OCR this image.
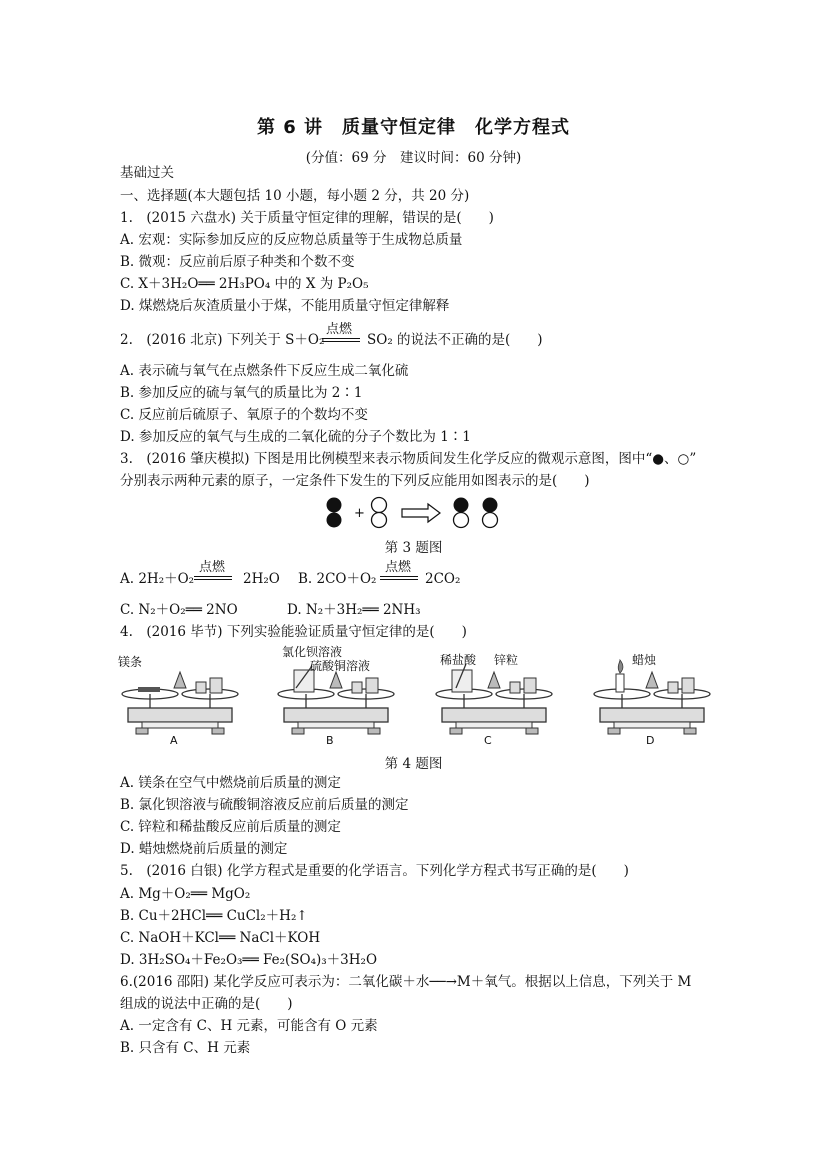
第 6 讲　质量守恒定律　化学方程式
(分值：69 分　建议时间：60 分钟)
基础过关
一、选择题(本大题包括 10 小题，每小题 2 分，共 20 分)
1.　(2015 六盘水) 关于质量守恒定律的理解，错误的是(　　)
A. 宏观：实际参加反应的反应物总质量等于生成物总质量
B. 微观：反应前后原子种类和个数不变
C. X＋3H₂O══ 2H₃PO₄ 中的 X 为 P₂O₅
D. 煤燃烧后灰渣质量小于煤，不能用质量守恒定律解释
2.　(2016 北京) 下列关于 S＋O₂
点燃
SO₂ 的说法不正确的是(　　)
A. 表示硫与氧气在点燃条件下反应生成二氧化硫
B. 参加反应的硫与氧气的质量比为 2∶1
C. 反应前后硫原子、氧原子的个数均不变
D. 参加反应的氧气与生成的二氧化硫的分子个数比为 1∶1
3.　(2016 肇庆模拟) 下图是用比例模型来表示物质间发生化学反应的微观示意图，图中“●、○”
分别表示两种元素的原子，一定条件下发生的下列反应能用如图表示的是(　　)
+
第 3 题图
A. 2H₂＋O₂
点燃
2H₂O B. 2CO＋O₂
点燃
2CO₂
C. N₂＋O₂══ 2NO	D. N₂＋3H₂══ 2NH₃
4.　(2016 毕节) 下列实验能验证质量守恒定律的是(　　)
镁条
氯化钡溶液
硫酸铜溶液	稀盐酸 锌粒	蜡烛
A	B	C	D
第 4 题图
A. 镁条在空气中燃烧前后质量的测定
B. 氯化钡溶液与硫酸铜溶液反应前后质量的测定
C. 锌粒和稀盐酸反应前后质量的测定
D. 蜡烛燃烧前后质量的测定
5.　(2016 白银) 化学方程式是重要的化学语言。下列化学方程式书写正确的是(　　)
A. Mg＋O₂══ MgO₂
B. Cu＋2HCl══ CuCl₂＋H₂↑
C. NaOH＋KCl══ NaCl＋KOH
D. 3H₂SO₄＋Fe₂O₃══ Fe₂(SO₄)₃＋3H₂O
6.(2016 邵阳) 某化学反应可表示为：二氧化碳＋水──→M＋氧气。根据以上信息，下列关于 M
组成的说法中正确的是(　　)
A. 一定含有 C、H 元素，可能含有 O 元素
B. 只含有 C、H 元素
